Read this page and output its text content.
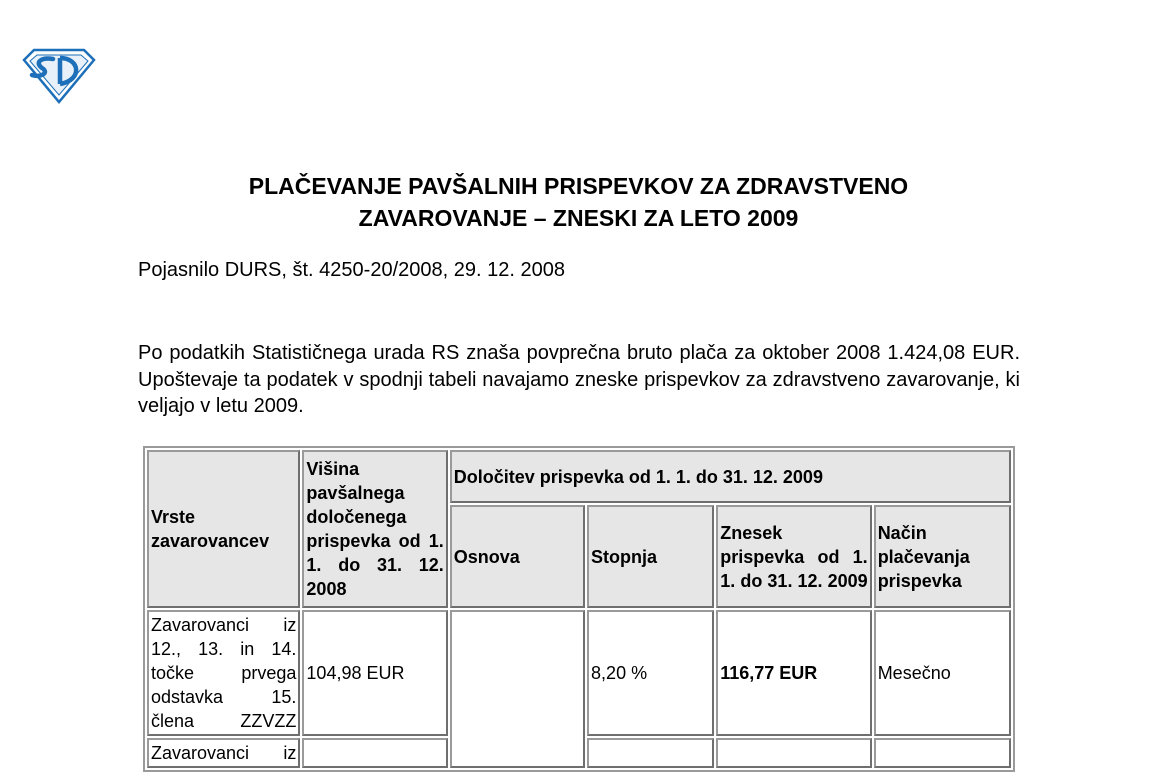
PLAČEVANJE PAVŠALNIH PRISPEVKOV ZA ZDRAVSTVENO
ZAVAROVANJE – ZNESKI ZA LETO 2009

Pojasnilo DURS, št. 4250-20/2008, 29. 12. 2008

Po podatkih Statističnega urada RS znaša povprečna bruto plača za oktober 2008 1.424,08 EUR. Upoštevaje ta podatek v spodnji tabeli navajamo zneske prispevkov za zdravstveno zavarovanje, ki veljajo v letu 2009.

Vrste zavarovancev	Višina pavšalnega določenega prispevka od 1. 1. do 31. 12. 2008	Določitev prispevka od 1. 1. do 31. 12. 2009			
		Osnova	Stopnja	Znesek prispevka od 1. 1. do 31. 12. 2009	Način plačevanja prispevka
Zavarovanci iz 12., 13. in 14. točke prvega odstavka 15. člena ZZVZZ	104,98 EUR		8,20 %	116,77 EUR	Mesečno
Zavarovanci iz					
